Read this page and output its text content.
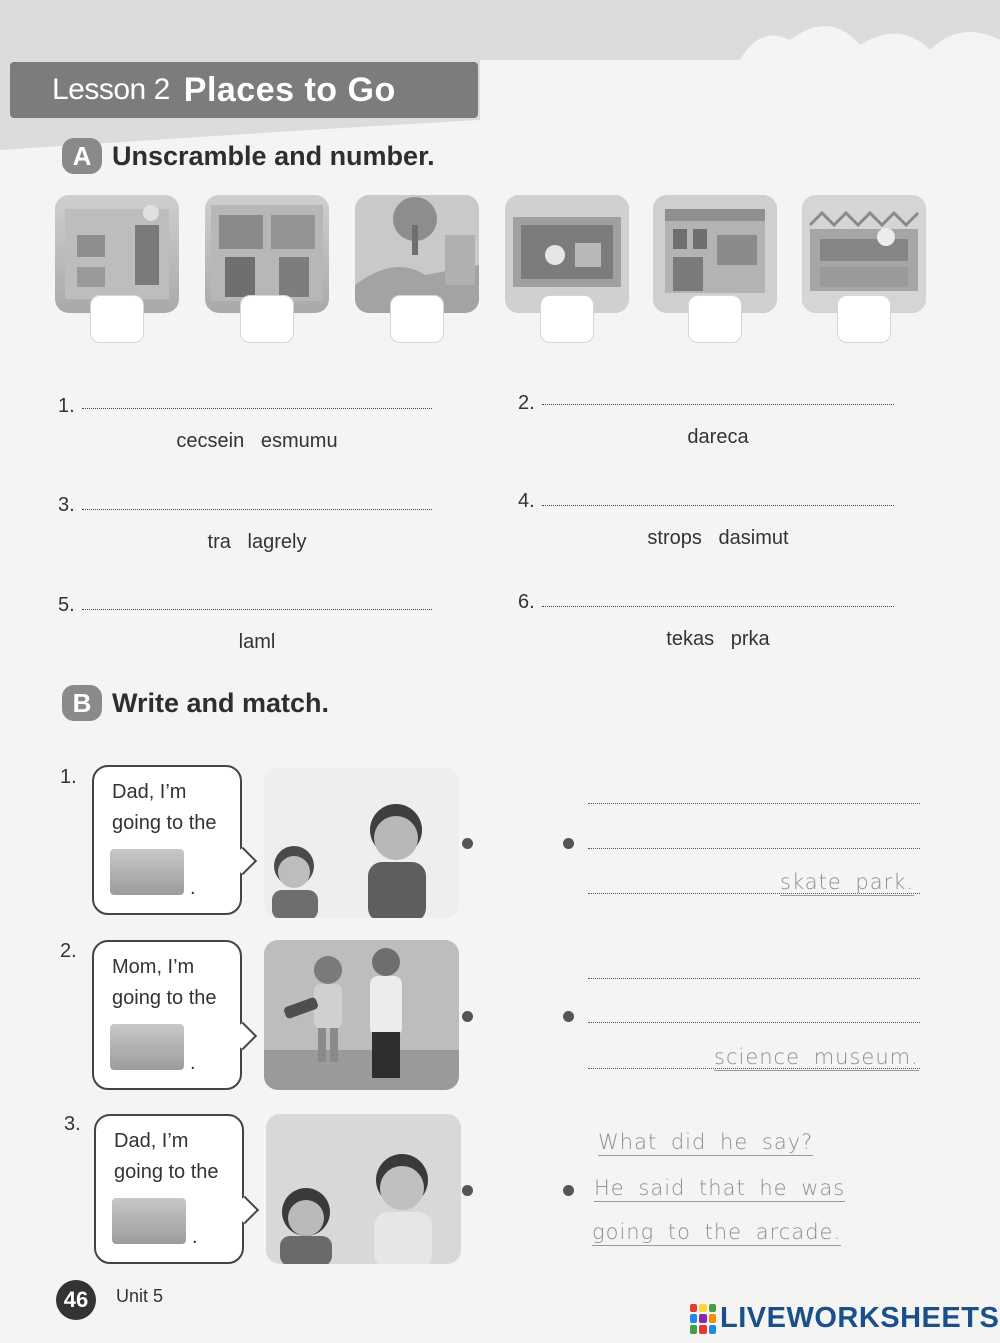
Lesson 2 Places to Go
A Unscramble and number.
1.
cecsein   esmumu
2.
dareca
3.
tra   lagrely
4.
strops   dasimut
5.
laml
6.
tekas   prka
B Write and match.
1.
Dad, I’m
going to the
.	skate park.
2.
Mom, I’m
going to the
.	science museum.
3.
Dad, I’m
going to the
.
What did he say?
He said that he was
going to the arcade.
46	Unit 5
LIVEWORKSHEETS
